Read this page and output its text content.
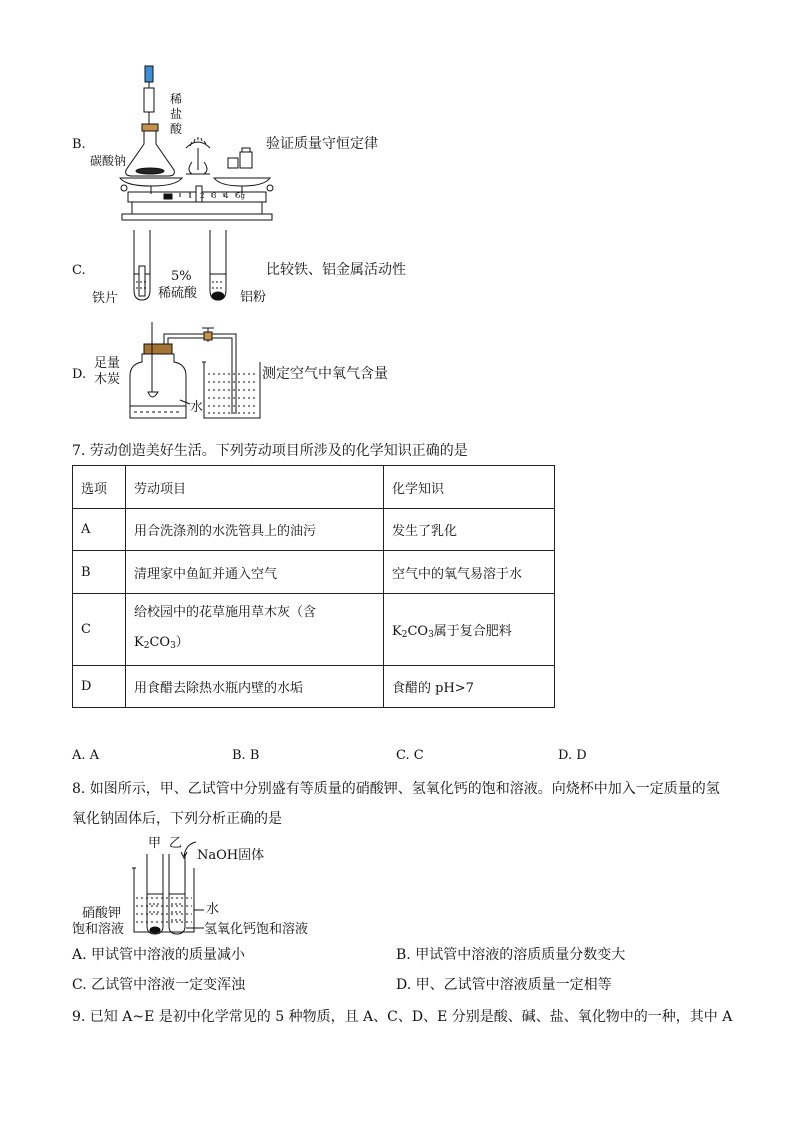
B.	验证质量守恒定律
稀
盐
酸
碳酸钠
1 2 3 4 5g
C.	比较铁、铝金属活动性
5%
稀硫酸
铁片	铝粉
D.	测定空气中氧气含量
足量
木炭
水
7. 劳动创造美好生活。下列劳动项目所涉及的化学知识正确的是
选项	劳动项目	化学知识
A	用合洗涤剂的水洗管具上的油污	发生了乳化
B	清理家中鱼缸并通入空气	空气中的氧气易溶于水
C	给校园中的花草施用草木灰（含
$K_2CO_3$）	$K_2CO_3$属于复合肥料
D	用食醋去除热水瓶内壁的水垢	食醋的 pH>7
A. A	B. B	C. C	D. D
8. 如图所示，甲、乙试管中分别盛有等质量的硝酸钾、氢氧化钙的饱和溶液。向烧杯中加入一定质量的氢
氧化钠固体后，下列分析正确的是
甲 乙
NaOH固体
水
硝酸钾
饱和溶液	氢氧化钙饱和溶液
A. 甲试管中溶液的质量减小	B. 甲试管中溶液的溶质质量分数变大
C. 乙试管中溶液一定变浑浊	D. 甲、乙试管中溶液质量一定相等
9. 已知 A~E 是初中化学常见的 5 种物质，且 A、C、D、E 分别是酸、碱、盐、氧化物中的一种，其中 A
